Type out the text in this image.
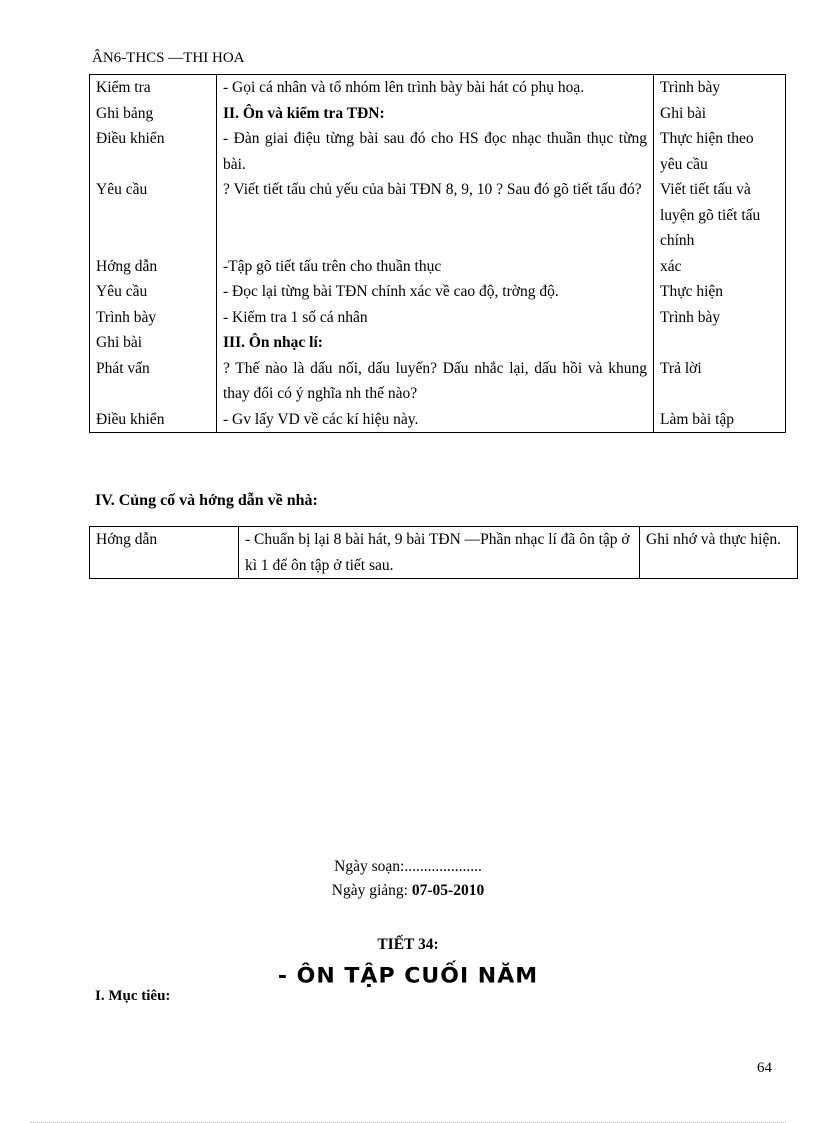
ÂN6-THCS —THI HOA
Kiểm tra	- Gọi cá nhân và tổ nhóm lên trình bày bài hát có phụ hoạ.	Trình bày
Ghi bảng	II. Ôn và kiểm tra TĐN:	Ghi bài
Điều khiển	- Đàn giai điệu từng bài sau đó cho HS đọc nhạc thuần thục từng bài.	Thực hiện theo yêu cầu
Yêu cầu	? Viết tiết tấu chủ yếu của bài TĐN 8, 9, 10 ? Sau đó gõ tiết tấu đó?	Viết tiết tấu và luyện gõ tiết tấu chính
Hớng dẫn	-Tập gõ tiết tấu trên cho thuần thục	xác
Yêu cầu	- Đọc lại từng bài TĐN chính xác về cao độ, trờng độ.	Thực hiện
Trình bày	- Kiểm tra 1 số cá nhân	Trình bày
Ghi bài	III. Ôn nhạc lí:	
Phát vấn	? Thế nào là dấu nối, dấu luyến? Dấu nhắc lại, dấu hồi và khung thay đổi có ý nghĩa nh thế nào?	Trả lời
Điều khiển	- Gv lấy VD về các kí hiệu này.	Làm bài tập
IV. Củng cố và hớng dẫn về nhà:
Hớng dẫn	- Chuẩn bị lại 8 bài hát, 9 bài TĐN —Phần nhạc lí đã ôn tập ở kì 1 để ôn tập ở tiết sau.	Ghi nhớ và thực hiện.
Ngày soạn:....................
Ngày giảng: 07-05-2010
TIẾT 34:
- ÔN TẬP CUỐI NĂM
I. Mục tiêu:
64
